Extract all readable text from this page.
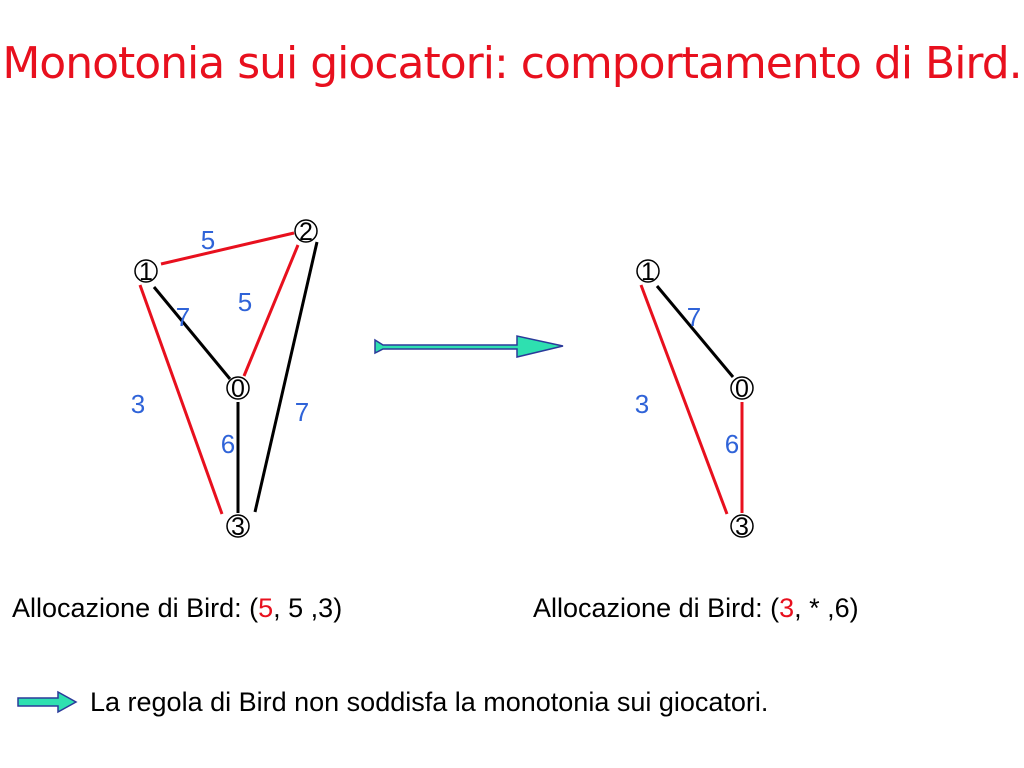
Monotonia sui giocatori: comportamento di Bird.
5
5
7
3
6
7
1
2
0
3
7
3
6
1
0
3
Allocazione di Bird: (5, 5 ,3)	Allocazione di Bird: (3, * ,6)
La regola di Bird non soddisfa la monotonia sui giocatori.
